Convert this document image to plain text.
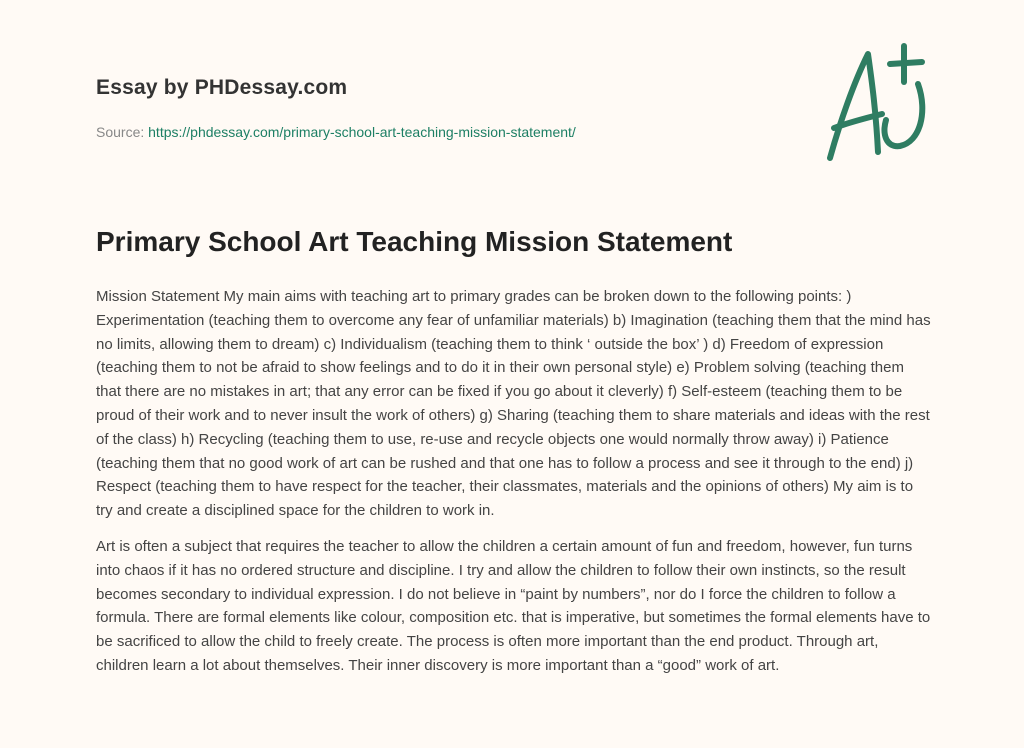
Essay by PHDessay.com
Source: https://phdessay.com/primary-school-art-teaching-mission-statement/
Primary School Art Teaching Mission Statement

Mission Statement My main aims with teaching art to primary grades can be broken down to the following points: ) Experimentation (teaching them to overcome any fear of unfamiliar materials) b) Imagination (teaching them that the mind has no limits, allowing them to dream) c) Individualism (teaching them to think ‘ outside the box’ ) d) Freedom of expression (teaching them to not be afraid to show feelings and to do it in their own personal style) e) Problem solving (teaching them that there are no mistakes in art; that any error can be fixed if you go about it cleverly) f) Self-esteem (teaching them to be proud of their work and to never insult the work of others) g) Sharing (teaching them to share materials and ideas with the rest of the class) h) Recycling (teaching them to use, re-use and recycle objects one would normally throw away) i) Patience (teaching them that no good work of art can be rushed and that one has to follow a process and see it through to the end) j) Respect (teaching them to have respect for the teacher, their classmates, materials and the opinions of others) My aim is to try and create a disciplined space for the children to work in.

Art is often a subject that requires the teacher to allow the children a certain amount of fun and freedom, however, fun turns into chaos if it has no ordered structure and discipline. I try and allow the children to follow their own instincts, so the result becomes secondary to individual expression. I do not believe in “paint by numbers”, nor do I force the children to follow a formula. There are formal elements like colour, composition etc. that is imperative, but sometimes the formal elements have to be sacrificed to allow the child to freely create. The process is often more important than the end product. Through art, children learn a lot about themselves. Their inner discovery is more important than a “good” work of art.
